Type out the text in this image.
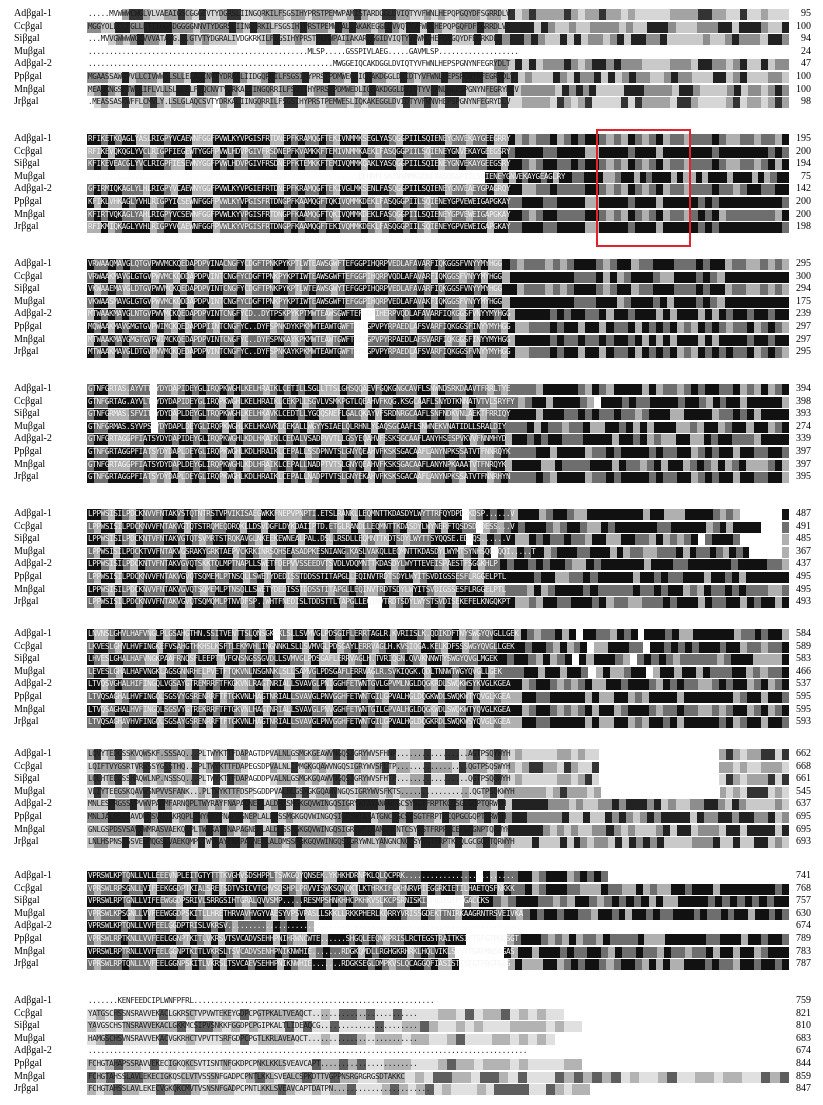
Adβgal-1	.....MVWWWCWGLVLVAEAIGSCGGGEVTYDGRSLIINGQRKILFSGSIHYPRSTPEMWPAMISTARDGGLDVIQTYVFWNLHEPQPGQYDFSGRRDLV	95
Ccβgal	MGGYOLLCLFGLLLTTIGGSDGGGGNNVTYDGRSLIINGHRKILFSGSIHYPRSTPEMWPALIAKAKEGGLDVVQTYVFWNLHEPQPGQFDFSGRRDLV	100
Siβgal	...MVVGWWWWGLVVVATAVG...GTVTYDGRALIVDGKRKILFSGSIHYPRSTPEMWPAIIAKAREGGIDVIQTYVFWNLHEPQEGQYDFEGRKDLV	94
Muβgal	....................................................MLSP.....GSSPIVLAEG.....GAVMLSP...................	24
Adβgal-2	..........................................................MWGGEIQCAKDGGLDVIQTYVFWNLHEPSPGNYNFEGRYDLT	47
Ppβgal	MGAASSAWGVVLLCIVWWSLSLLELAQCNVTYDRKALIIDGQRRILFSGSIHYPRSTPDMWEGLIQKAKDGGLDVIDTYVFWNLHEPSPGNYNFEGRYDLV	100
Mnβgal	MEANKNGSLTWFLIFLVLLSLSLELFTQCNVTYDRKALIINGQRRILFSGSIHYPRSTPDMWEDLIQKAKDGGLDVIQTYVFWNLHEPSPGNYNFEGRYDLV	100
Jrβgal	.MEASSASKWFFLCMVLY.LSLGLAQCSVTYDRKALIINGQRRILFSGSIHYPRSTPEMWESLIQKAKEGGLDVIDTYVFWNVHEPSPGNYNFEGRYDLV	98
Adβgal-1	RFIKETKQAGLYASLRIGPYVCAEWNFGGFPVWLKYVPGISFRTDNEPFKRAMQGFTEKIVNMMKSEGLYASQGGPIILSQIENEYGNVEKAYGEEGRRY	195
Ccβgal	RFIKEVQKQGLYVCLRIGPFIEGEWTYGGFPVWLHDVPGIVFRSDNEPFKVAMKKFTEMIVNMMKAEKLFASQGGPIILSQIENEYGNVEKAYGEEGSRY	200
Siβgal	KFIKEVEACGLYVCLRIGPFIESEWNYGGFPVWLHDVPGIVFRSDNEPFKTEMKKFTEMIVQMMKQAKLYASQGGPIILSQIENEYGNVEKAYGEEGSRY	194
Muβgal	................................................................QFHNFLSKIVNMMKGEKLYASQGGPIILSQIENEYGNVEKAYGEAGLRY	75
Adβgal-2	GFIRMIQKAGLYLHLRIGPYVCAEWNYGGFPVWLKYVPGIEFRTDNEPFKRAMQGFTEKIVGLMKSENLFASQGGPIILSQIENEYGNVEAEYGPAGRQY	142
Ppβgal	KFIKLVHKAGLYVHLRIGPYICSEWNFGGFPVWLKYVPGISFRTDNGPFKAAMQGFTQKIVQMMKDEKLFASQGGPIILSQIENEYGPVEWEIGAPGKAY	200
Mnβgal	KFIRTVQKAGLYAHLRIGPYVCSEWNFGGFPVWLKYVPGISFRTDNGPFKAAMQGFTQKIVQMMKDEKLFASQGGPIILSQIENEYGPVEWEIGAPGKAY	200
Jrβgal	RFIKMIQKAGLYVHLRIGPYVCAEWNFGGFPVWLKYVPGISFRTDNGPFKAAMQGFTEKIVQMMKDEKLFASQGGPIILSQIENEYGPVEWEIGAPGKAY	198
Adβgal-1	VRWAAQMAVGLQTGVPWVMCKQEDAPDPVINACNGFYCDGFTPNKPYKPTLWTEAWSGWFTEFGGPIHQRPVEDLAFAVARFIQKGGSFVNYYMYHGG	295
Ccβgal	VRWAAKMAVGLGTGVPWVMCKQDDAPDPVINTCNGFYCDGFTPNKPYKPTIWTEAWSGWFTEFGGPIHQRPVQDLAFAVARFIQKGGSFVNYYMYHGG	300
Siβgal	VKWAAEMAVGLDTGVPWVMCKQEDAPDPVINTCNGFYCDGFTPNKPYKPTLWTEAWSGWYTEFGGPIHQRPVEDLAFAVARFIQKGGSFVNYYMYHGG	294
Muβgal	VKWAASMAVGLGTGVPWVMCKQDDAPDPVINTCNGFYCDGFTPNKPYKPTIWTEAWSGWFTEFGGPIHQRPVEDLAFAVAKFIQKGGSFVNYYMYHGG	175
Adβgal-2	MTWAAKMAVGLNTGVPWVMCKQEDAPDPVINTCNGFYCD..DYTPSKPYKPTMWTEAWSGWFTEFGGPIHERPVQDLAFAVARFIQKGGSFVNYYMYHGG	239
Ppβgal	MQWAAKMAVGMGTGVPWIMCKQEDAPDPIINTCNGFYC..DYFSPNKDYKPKMWTEAWTGWFTEFGGPVPYRPAEDLAFSVARFIQKGGSFINYYMYHGG	297
Mnβgal	MTWAAKMAVGMGTGVPWIMCKQEDAPDPVINTCNGFYC..DYFSPNKAYKPKMWTEAWTGWFTEFGGPVPYRPAEDLAFSVARFIQKGGSFINYYMYHGG	297
Jrβgal	MTWAAKMAVGLDTGVPWVMCKQEDAPDPVINTCNGFYC..DYFSPNKAYKPKMWTEAWTGWFTEFGGPVPYRPAEDLAFSVARFIQKGGSFVNYYMYHGG	295
Adβgal-1	GTNFGRTAS.AYVTTSYDYDAPIDEYGLIRQPKWGHLKELHRAIKLCETILLSGLLTTSLGHSQQAEVFGQKGNGCAVFLSNWNDSRKDAAVTFRRLTYE	394
Ccβgal	GTNFGRTAG.AYVLTSYDYDAPIDEYGLIRQPKWGHLKELHRAIKLCEKPLLSGVLVSMKPGTLQEAHVFKQG.KSGCAAFLSNYDTKNNATVTVLSRYFY	398
Siβgal	GTNFGRMAS.SFVITSYDYDAPLDEYGLTRQPKWGHLKELHKAVKLCEDTLLYGQQSNEFLGALQKAYVFSRDNRGCAAFLSNFNDKVNLAEKTFRRIQY	393
Muβgal	GTNFGRMAS.SYVPSSYDYDAPLDEYGLIRQPKWGHLKELHKAVKLCEKALLWGYYSIAELQLRHNLYGAQSGCAAFLSNWNEKVNATIDLLSRALDIY	274
Adβgal-2	GTNFGRTAGGPFIATSYDYDAPIDEYGLIRQPKWGHLKDLHKAIKLCEDALVSADPVVTLLGSYEQAHVFSSKSGCAAFLANYHSESPVKVVFNNMHYD	339
Ppβgal	GTNFGRTAGGPFIATSYDYDAPLDEYGLIRQPKWGHLKDLHRAIKLCEPALLSSDPNVTSLGNYQEAHVFKSKSGACAAFLANYNPKSSATVTFNNRQYK	397
Mnβgal	GTNFGRTAGGPFIATSYDYDAPLDEYGLIRQPKWGHLKDLHRAIKLCEPALLNADPTVTSLGNYQEAHVFKSKSGACAAFLANYNPKAAATVTFNRQYK	397
Jrβgal	GTNFGRTAGGPFIATSYDYDAPLDEYGLIRQPKWGHLKDLHRAIKLCEPALLNADPTVTSLGNYEKAHVFKSKSGACAAFLANYNPKSSATVTFNNRHYN	395
Adβgal-1	LPPWSISILPDCKNVVFNTAKVSTQTNTRSTVPVIKISAEGWKKFNEPVPNPTI.ETSLRANKLLEQMNTTKDASDYLWYTTRFQYDPDDKDSP......V	487
Ccβgal	LPPWSISILPDCKNVVFNTAKVGTQTSTRQMEQDRQKLLDSVDGFLDYKDAIIPTD.ETGLRANDLLEQMNTTKDASDYLWYNERFTQSDSDGDESS...V	491
Siβgal	LPPWSISILPDCKNTVFNTAKVGTQTSVMRTSTRQKAVGLNKEEKEWNEALPAL.DSLLRSDLLEQMNTTKDTSDYLWYTTSYQQSE.EDSQS......V	485
Muβgal	LPPWSISILPDCKTVVFNTAKVGSRAKYGRKTAEPVCKRKINRSQHSEASADPKESNIANG.KASLVAKQLLEQMNTTKDASDYLWYMTSYNHSQQDQQI.....T	367
Adβgal-2	LPPWSISILPDCKNTVFNTAKVGVQTSKKTQLMPTNAPLLSWETFDEPVVSSEEDVTSVDLVDQMNTTKDASDYLWYTTEVEISPAESTFSGGKHLP	437
Ppβgal	LPPWSISILPDCKNVVFNTAKVGVQTSQMEMLPTNSQLLSWETYDEDISSTDDSSTITAPGLLEQINVTRDTSDYLWYITSVDIGSSESFLRGGELPTL	495
Mnβgal	LPPWSISILPDCKNVVFNTAKVGVQTSQMEMLPTNSQLLSWETYDEDISSTDDSSTITAPGLLEQINVTRDTSDYLWYITSVDIGSSESFLRGGELPTL	495
Jrβgal	LPPWSISILPDCKNVVFNTAKVGVQTSQMQMLPTNVDFSP..WHTFNEDISLTDDSTTLTAPGLLEQINVTRDTSDYLWYSTSVDISEKEFELKNGQKPT	493
Adβgal-1	LNVNSLGHVLHAFVNGLPLGSAHGTHN.SSITVENTTSLQNSGKNKLSLLSVMVGLPDSGIFLERRTAGLR.KVRIISLK.QDIKDFTNYSWGYQVGLLGEK	584
Ccβgal	LKVESLGHVLHVFINGKEFVSAHGTHKHSLKSFTLEKMVHLINGNNKLSLLSVMVGLPDSGAYLERRVAGLH.KVSIQGA.KELKDFSSSWGYQVGLLGEK	589
Siβgal	LHVESLGHALHAFVNGKPAAFRNQSFLEEPTTVFGNSNGSSGVDLLSVMVGLPDSGAFLERRVAGLH.TVRIQGN.QVVKNNWTYSWGYQVGLMGEK	583
Muβgal	LEVESLGHALHAFVNGKLAGSGNNRHELPVETFTQKVNLNSGNNKLSLLSAMVGLPDSGAFLERRVAGLR.SVKIQGK.QDLTNNWTWGYQVGLLGEK	466
Adβgal-2	LTVQSVGHALHIFINGQLVGSAYGTREMRRFTFKGKVNLRAGTNRIALLSVAVGLPNIGGHFETWNTGVLGPVMLNGLDQGKRDLSWQKWSYKVGLKGEA	537
Ppβgal	LTVQSAGHALHVFINGQLSGSVYGSRENRRFTFTGKVNLHAGTNRIALLSVAVGLPNVGGHFETWNTGILGPVALHGLDQGKWDLSWQKWTYQVGLKGEA	595
Mnβgal	LTVQSAGHALHVFINGQLSGSVYGTREKRRFTFTGKVNLHAGTNRIALLSVAVGLPNVGGHFETWNTGILGPVALHGLDQGKWDLSWQKWTYQVGLKGEA	595
Jrβgal	LTVQSAGHAVHVFINGQLSGSAYGSRENRRFTFTGKVNLHAGTNRIALLSVAVGLPNVGGHFETWNTGILGPVALHGLDQGKRDLSWQKWSYQVGLKGEA	593
Adβgal-1	LQVYTEDGSSKVQWSKF.SSSAQ...PLTWYKTTFDAPAGTDPVALNLGSMGKGEAWVNGQSIGRYWVSFHNP.................AGTPSQYWYH	662
Ccβgal	LQIFTVYGSRTVRWSSYGSSTHQ...PLTWYKTTFDAPEGSDPVALNLIPMGKGQAWVNGQSIGRYWVSFLTP.................QGTPSQSWYH	668
Siβgal	LQLHTEEGSSHAQWLNP.NSSSQ...PLTWYKTTFDAPAGDDPVALNLGSMGKGQAWVNGQSIGRYWVSFHTP.................QGTPSQQWYH	661
Muβgal	VLIYTEEGSKQAVWSNPVVSFANK...PLTWYKTTFDSPSGDDPVALNLGSMGKGQAWVNGQSIGRYWVSFKTS.................QGTPSQKWYH	545
Adβgal-2	MNLESPRGSSVPVWVPAGMFARNQPLTWYRAYFNAPAGNEPLALDMRSMGKGQVWINGQSIGRYWTAYANGNCGCSYSGTFRPTKCQSGCGQPTQRWYH	637
Ppβgal	MNLJALHSISAVDWMSVNVAKRQPLTWYKAYFNAPAGNEPLALDMSSMGKGQVWINGQSIGRYWTAYATGNCNGCSYSGTFRPTKCQPGCGQPTQRWYH	695
Mnβgal	GNLGSPDSVSAVEWMRASVAEKQMPLTWYKAYFNAPAGNEPLALDMSSMGKGQVWINGQSIGRYWTIHANGNCNTCSYASTFRPPKCEFGCGNPTQRWYH	695
Jrβgal	LNLHSPNSISSVEWMQGSLVAEKQMPLTWYKAYFNAPAGNEPLALDMSSMGKGQVWINGQSIGRYWNLYANGNCNGCSYSGTFRPTKCQLGCGQPTQRWYH	693
Adβgal-1	VPRSWLKPTQNLLVLLEEEVNPLEITGTYTTTKVGHVSDSHPPLTSWKGQYQNSEK.YKHKHDRNPKLQLQCPRK..........................	741
Ccβgal	VPRSWLRPSGNLLVIFEEKGGDPTKIALSRETSDTVSICVTGHVSDSHPLPRVVISWKSQNQKTLKTHRKIFGKHNRVPIEGGRKIETILHAETQSFNKKK	768
Siβgal	VPRSWLRPTGNLLVIFEEWGGDPSRIVLSRRGSIHTGRALQVVSMP.....RESMPSHNKHHCPKHKVSLKCPSRNISKIIFASYGTPSGACCKS	757
Muβgal	VPRSWLKPSGNLLVVFEEWGGDPSKITLLHRETHRVAVHVGYVAESYVPSVPASLLSKKLLRKKPHERLKQRRYVRISSGDEKTTNIRKAAGRNTRSVEIVKA	630
Adβgal-2	VPRSWLKPTQNLLVVFEELGGDPTRISLVKRSV.....................................................................	674
Ppβgal	VPRSWLRPTKNLLVVFEELGGNPTKITLVKRSVTSVCADVSEHHPNIHRWNCWTE......SHGQLEEQNKPRISLRCTEGSTRAITKSIFTSFGTPQGSGT	789
Mnβgal	VPRSWLRPTRNLLVVFEELGGNPTKITLVKRSLTSVCADVSENHPNIKNWHIE.......RDGKQMDLLRGHGKRHRKLHQLVIKLSNVYTGAFMNSAGAS	783
Jrβgal	VPRSWLRPTQNLLVVFEELGGNPSKITLVKRSLTSVCAEVSEHHPNIKNWHIE.......RDGKSEGLDMPKVSLQCAGGQFIASISTTSFGTPQGTGGS	787
Adβgal-1	.......KENFEEDCIPLWNFPFRL.........................................................	759
Ccβgal	YATGSCHSSNSRAVVEKACLGKRSCTVPVWTEKEYGDPCPGTPKALTVEAQCT.........................	821
Siβgal	YAVGSCHSTNSRAVVEKACLGKKMCSIPVSNKKFGGDPCPGIPKALTLIDEAQCG.......................	810
Muβgal	HAMGSCHSVNSRAVVEKACVGKRHCTVPVTTSRFGDPCPGTLKRLAVEAQCT..........................	683
Adβgal-2	........................................................................................................	674
Ppβgal	FCHGTAHAPSSRAVVEKECIGKQKCSVTISNTNFGKDPCPNKLKKLSVEAVCAPT.......................	844
Mnβgal	FCHGTAHSSLAVLEKECIGKQSCLVTVSSSNFGADPCPNTLKKLSVEALCSPKDTTVGPPNSRGRGRGSDTAKKC	859
Jrβgal	FCHGTAHSSLAVLEKECVGKQKCMVTVSNSNFGADPCPNTLKKLSVEAVCAPTDATPN.......................	847
